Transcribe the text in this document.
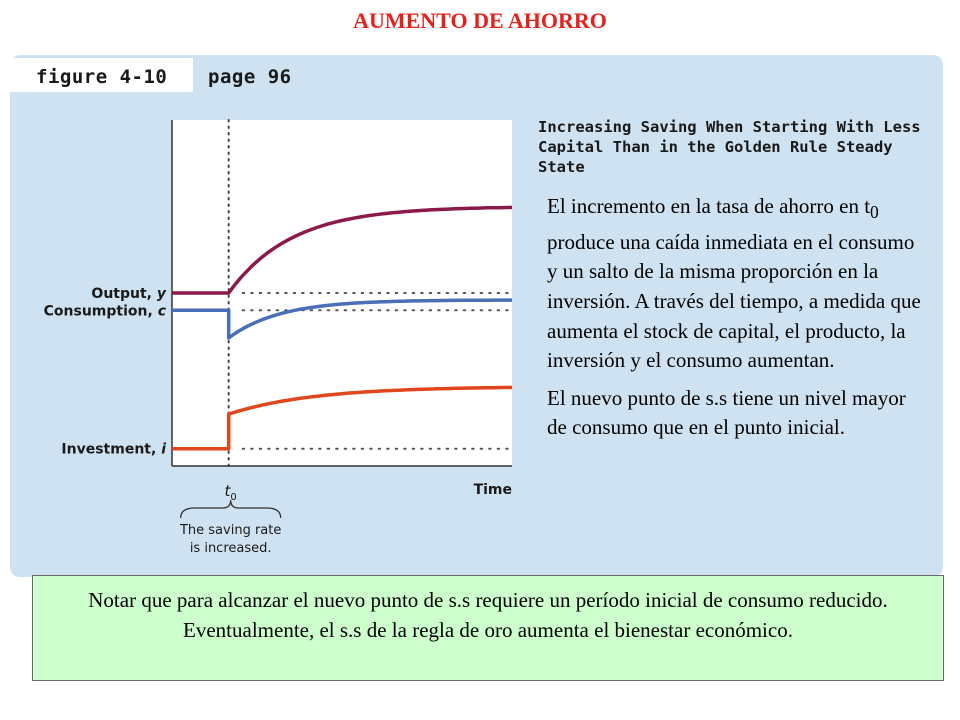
AUMENTO DE AHORRO
figure 4-10 page 96
Increasing Saving When Starting With Less Capital Than in the Golden Rule Steady State
Output, y
Consumption, c
Investment, i
Time
$t_0$
The saving rate
is increased.

El incremento en la tasa de ahorro en $t_0$ produce una caída inmediata en el consumo y un salto de la misma proporción en la inversión. A través del tiempo, a medida que aumenta el stock de capital, el producto, la inversión y el consumo aumentan.

El nuevo punto de s.s tiene un nivel mayor de consumo que en el punto inicial.

Notar que para alcanzar el nuevo punto de s.s requiere un período inicial de consumo reducido. Eventualmente, el s.s de la regla de oro aumenta el bienestar económico.
